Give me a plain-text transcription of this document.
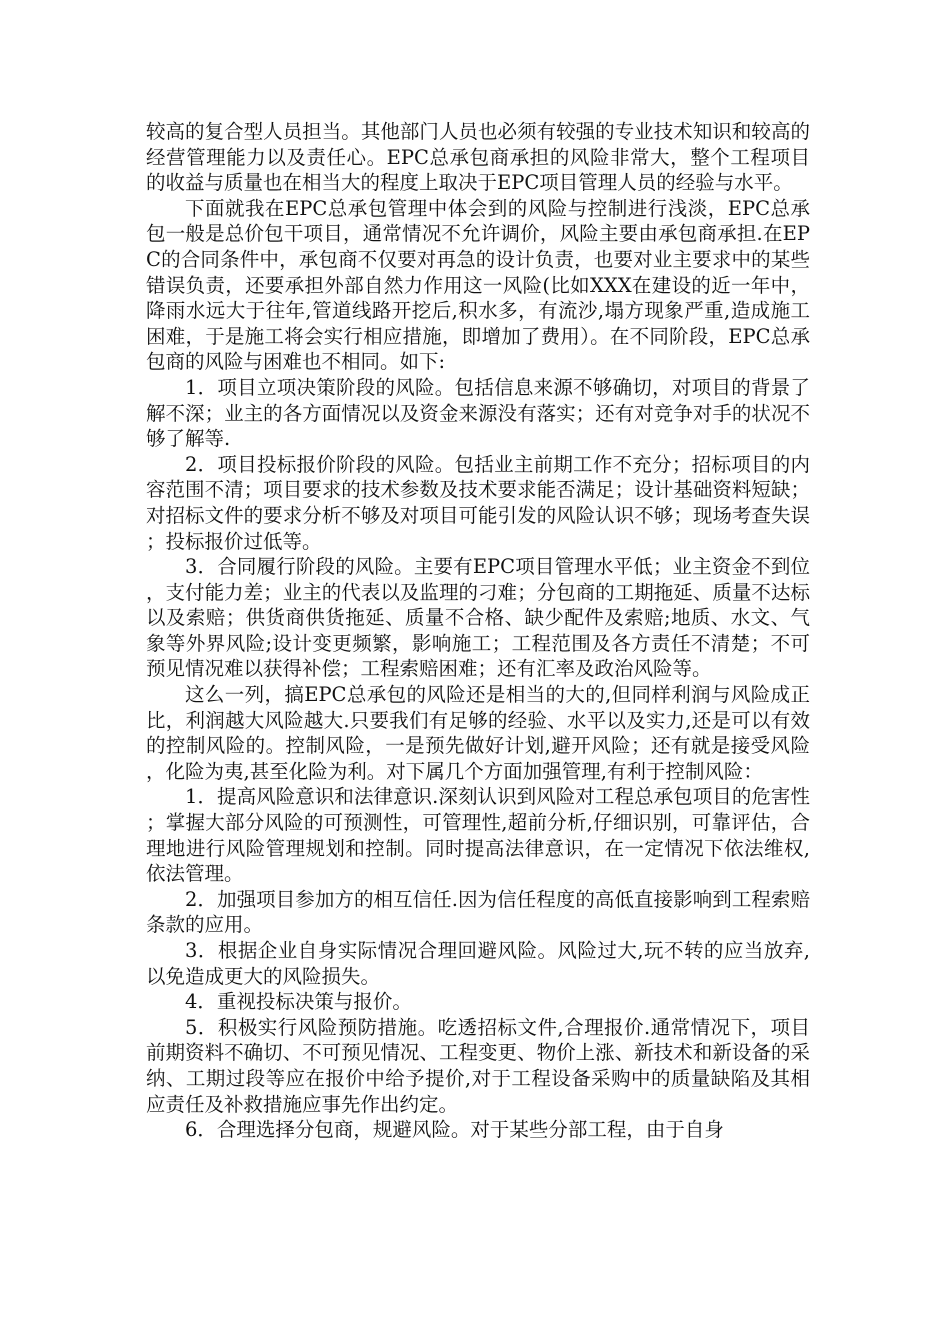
较高的复合型人员担当。其他部门人员也必须有较强的专业技术知识和较高的经营管理能力以及责任心。EPC总承包商承担的风险非常大，整个工程项目的收益与质量也在相当大的程度上取决于EPC项目管理人员的经验与水平。

下面就我在EPC总承包管理中体会到的风险与控制进行浅淡，EPC总承包一般是总价包干项目，通常情况不允许调价，风险主要由承包商承担.在EPC的合同条件中，承包商不仅要对再急的设计负责，也要对业主要求中的某些错误负责，还要承担外部自然力作用这一风险(比如XXX在建设的近一年中，降雨水远大于往年,管道线路开挖后,积水多，有流沙,塌方现象严重,造成施工困难，于是施工将会实行相应措施，即增加了费用）。在不同阶段，EPC总承包商的风险与困难也不相同。如下:

1．项目立项决策阶段的风险。包括信息来源不够确切，对项目的背景了解不深；业主的各方面情况以及资金来源没有落实；还有对竞争对手的状况不够了解等.

2．项目投标报价阶段的风险。包括业主前期工作不充分；招标项目的内容范围不清；项目要求的技术参数及技术要求能否满足；设计基础资料短缺；对招标文件的要求分析不够及对项目可能引发的风险认识不够；现场考查失误；投标报价过低等。

3．合同履行阶段的风险。主要有EPC项目管理水平低；业主资金不到位，支付能力差；业主的代表以及监理的刁难；分包商的工期拖延、质量不达标以及索赔；供货商供货拖延、质量不合格、缺少配件及索赔;地质、水文、气象等外界风险;设计变更频繁，影响施工；工程范围及各方责任不清楚；不可预见情况难以获得补偿；工程索赔困难；还有汇率及政治风险等。

这么一列，搞EPC总承包的风险还是相当的大的,但同样利润与风险成正比，利润越大风险越大.只要我们有足够的经验、水平以及实力,还是可以有效的控制风险的。控制风险，一是预先做好计划,避开风险；还有就是接受风险，化险为夷,甚至化险为利。对下属几个方面加强管理,有利于控制风险：

1．提高风险意识和法律意识.深刻认识到风险对工程总承包项目的危害性；掌握大部分风险的可预测性，可管理性,超前分析,仔细识别，可靠评估，合理地进行风险管理规划和控制。同时提高法律意识，在一定情况下依法维权,依法管理。

2．加强项目参加方的相互信任.因为信任程度的高低直接影响到工程索赔条款的应用。

3．根据企业自身实际情况合理回避风险。风险过大,玩不转的应当放弃,以免造成更大的风险损失。

4．重视投标决策与报价。

5．积极实行风险预防措施。吃透招标文件,合理报价.通常情况下，项目前期资料不确切、不可预见情况、工程变更、物价上涨、新技术和新设备的采纳、工期过段等应在报价中给予提价,对于工程设备采购中的质量缺陷及其相应责任及补救措施应事先作出约定。

6．合理选择分包商，规避风险。对于某些分部工程，由于自身
